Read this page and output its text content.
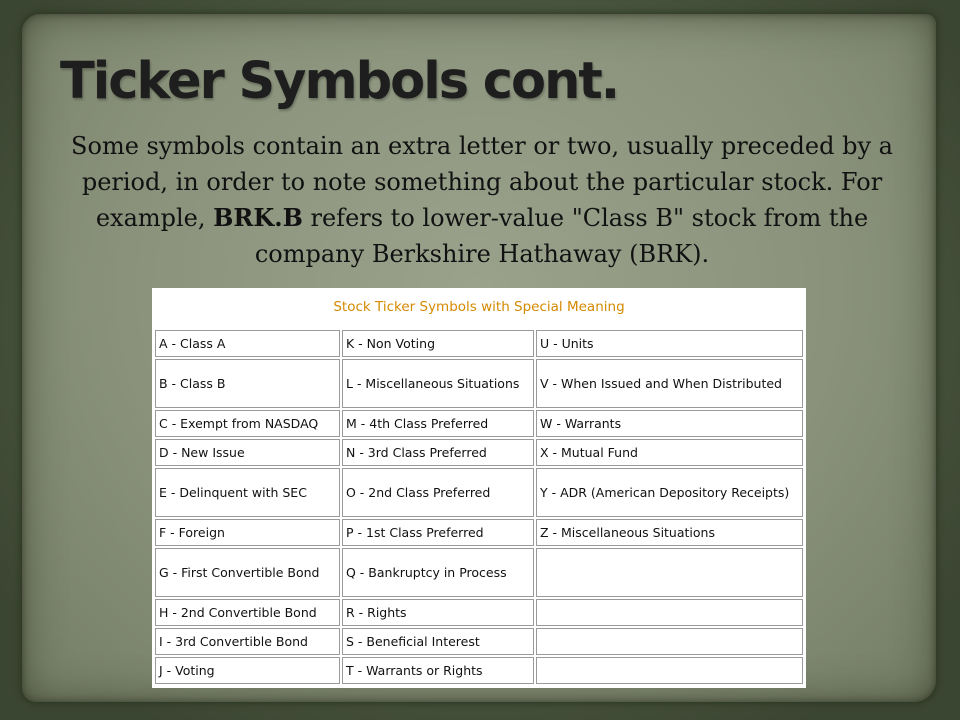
Ticker Symbols cont.

Some symbols contain an extra letter or two, usually preceded by a period, in order to note something about the particular stock. For example, BRK.B refers to lower-value "Class B" stock from the company Berkshire Hathaway (BRK).

Stock Ticker Symbols with Special Meaning
A - Class A	K - Non Voting	U - Units
B - Class B	L - Miscellaneous Situations	V - When Issued and When Distributed
C - Exempt from NASDAQ	M - 4th Class Preferred	W - Warrants
D - New Issue	N - 3rd Class Preferred	X - Mutual Fund
E - Delinquent with SEC	O - 2nd Class Preferred	Y - ADR (American Depository Receipts)
F - Foreign	P - 1st Class Preferred	Z - Miscellaneous Situations
G - First Convertible Bond	Q - Bankruptcy in Process	
H - 2nd Convertible Bond	R - Rights	
I - 3rd Convertible Bond	S - Beneficial Interest	
J - Voting	T - Warrants or Rights	
